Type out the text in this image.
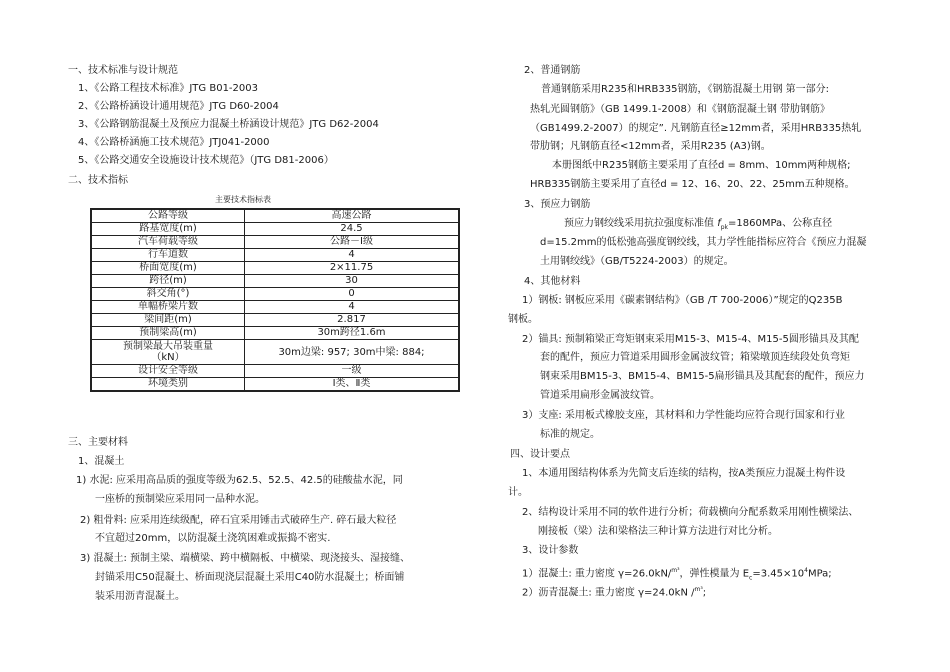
一、技术标准与设计规范
1、《公路工程技术标准》JTG B01-2003
2、《公路桥涵设计通用规范》JTG D60-2004
3、《公路钢筋混凝土及预应力混凝土桥涵设计规范》JTG D62-2004
4、《公路桥涵施工技术规范》JTJ041-2000
5、《公路交通安全设施设计技术规范》（JTG D81-2006）
二、技术指标
主要技术指标表
公路等级	高速公路
路基宽度(m)	24.5
汽车荷载等级	公路－Ⅰ级
行车道数	4
桥面宽度(m)	2×11.75
跨径(m)	30
斜交角(°)	0
单幅桥梁片数	4
梁间距(m)	2.817
预制梁高(m)	30m跨径1.6m

预制梁最大吊装重量
（kN）	30m边梁: 957; 30m中梁: 884;
设计安全等级	一级
环境类别	Ⅰ类、Ⅱ类
三、主要材料
1、混凝土
1) 水泥: 应采用高品质的强度等级为62.5、52.5、42.5的硅酸盐水泥，同
一座桥的预制梁应采用同一品种水泥。
2) 粗骨料: 应采用连续级配，碎石宜采用锤击式破碎生产. 碎石最大粒径
不宜超过20mm，以防混凝土浇筑困难或振捣不密实.
3) 混凝土: 预制主梁、端横梁、跨中横隔板、中横梁、现浇接头、湿接缝、
封锚采用C50混凝土、桥面现浇层混凝土采用C40防水混凝土；桥面铺
装采用沥青混凝土。
2、普通钢筋
普通钢筋采用R235和HRB335钢筋，《钢筋混凝土用钢 第一部分:
热轧光圆钢筋》（GB 1499.1-2008）和《钢筋混凝土钢 带肋钢筋》
（GB1499.2-2007）的规定”. 凡钢筋直径≥12mm者，采用HRB335热轧
带肋钢；凡钢筋直径<12mm者，采用R235 (A3)钢。
本册图纸中R235钢筋主要采用了直径d = 8mm、10mm两种规格;
HRB335钢筋主要采用了直径d = 12、16、20、22、25mm五种规格。
3、预应力钢筋
预应力钢绞线采用抗拉强度标准值 $f_{pk}=1860MPa$、公称直径
d=15.2mm的低松弛高强度钢绞线，其力学性能指标应符合《预应力混凝
土用钢绞线》（GB/T5224-2003）的规定。
4、其他材料
1）钢板: 钢板应采用《碳素钢结构》（GB /T 700-2006）”规定的Q235B
钢板。
2）锚具: 预制箱梁正弯矩钢束采用M15-3、M15-4、M15-5圆形锚具及其配
套的配件，预应力管道采用圆形金属波纹管；箱梁墩顶连续段处负弯矩
钢束采用BM15-3、BM15-4、BM15-5扁形锚具及其配套的配件，预应力
管道采用扁形金属波纹管。
3）支座: 采用板式橡胶支座，其材料和力学性能均应符合现行国家和行业
标准的规定。
四、设计要点
1、本通用图结构体系为先简支后连续的结构，按A类预应力混凝土构件设
计。
2、结构设计采用不同的软件进行分析；荷载横向分配系数采用刚性横梁法、
刚接板（梁）法和梁格法三种计算方法进行对比分析。
3、设计参数
1）混凝土: 重力密度 γ=26.0kN/$^{m^3}$，弹性模量为 $E_c=3.45\times 10^4MPa$;
2）沥青混凝土: 重力密度 γ=24.0kN /$^{m^3}$;
